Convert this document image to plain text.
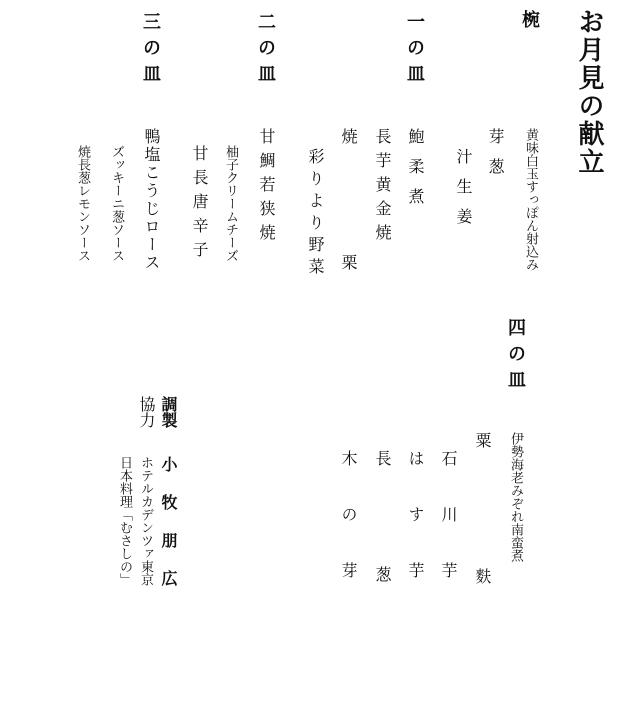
お月見の献立
椀
黄味白玉すっぽん射込み
芽葱
汁生姜
一の皿
鮑柔煮
長芋黄金焼
焼栗
彩りより野菜
二の皿
甘鯛若狭焼
柚子クリームチーズ
甘長唐辛子
三の皿
鴨塩こうじロース
ズッキーニ葱ソース
焼長葱レモンソース
四の皿
伊勢海老みぞれ南蛮煮
粟麩
石川芋
はす芋
長葱
木の芽
調製
小牧朋広
協力
ホテルカデンツァ東京
日本料理「むさしの」
